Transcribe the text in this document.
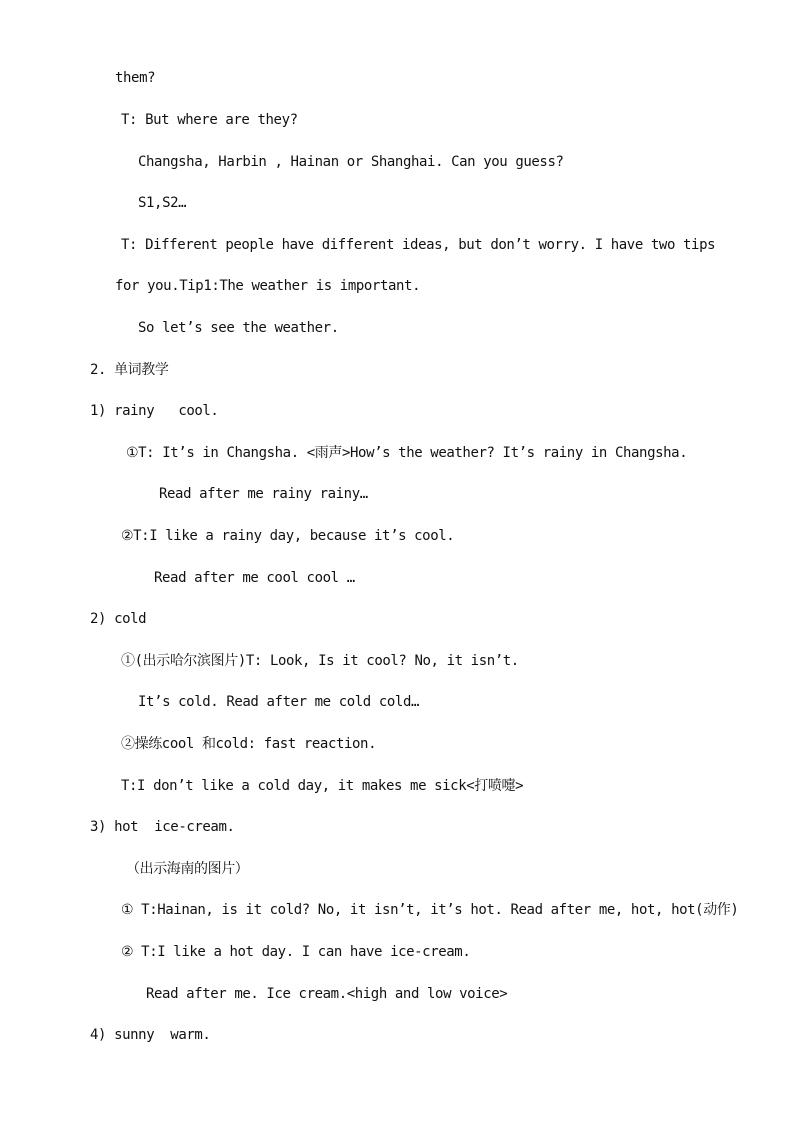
them?
T: But where are they?
Changsha, Harbin , Hainan or Shanghai. Can you guess?
S1,S2…
T: Different people have different ideas, but don’t worry. I have two tips
for you.Tip1:The weather is important.
So let’s see the weather.
2. 单词教学
1) rainy   cool.
①T: It’s in Changsha. <雨声>How’s the weather? It’s rainy in Changsha.
Read after me rainy rainy…
②T:I like a rainy day, because it’s cool.
Read after me cool cool …
2) cold
①(出示哈尔滨图片)T: Look, Is it cool? No, it isn’t.
It’s cold. Read after me cold cold…
②操练cool 和cold: fast reaction.
T:I don’t like a cold day, it makes me sick<打喷嚏>
3) hot  ice-cream.
（出示海南的图片）
① T:Hainan, is it cold? No, it isn’t, it’s hot. Read after me, hot, hot(动作)
② T:I like a hot day. I can have ice-cream.
Read after me. Ice cream.<high and low voice>
4) sunny  warm.
